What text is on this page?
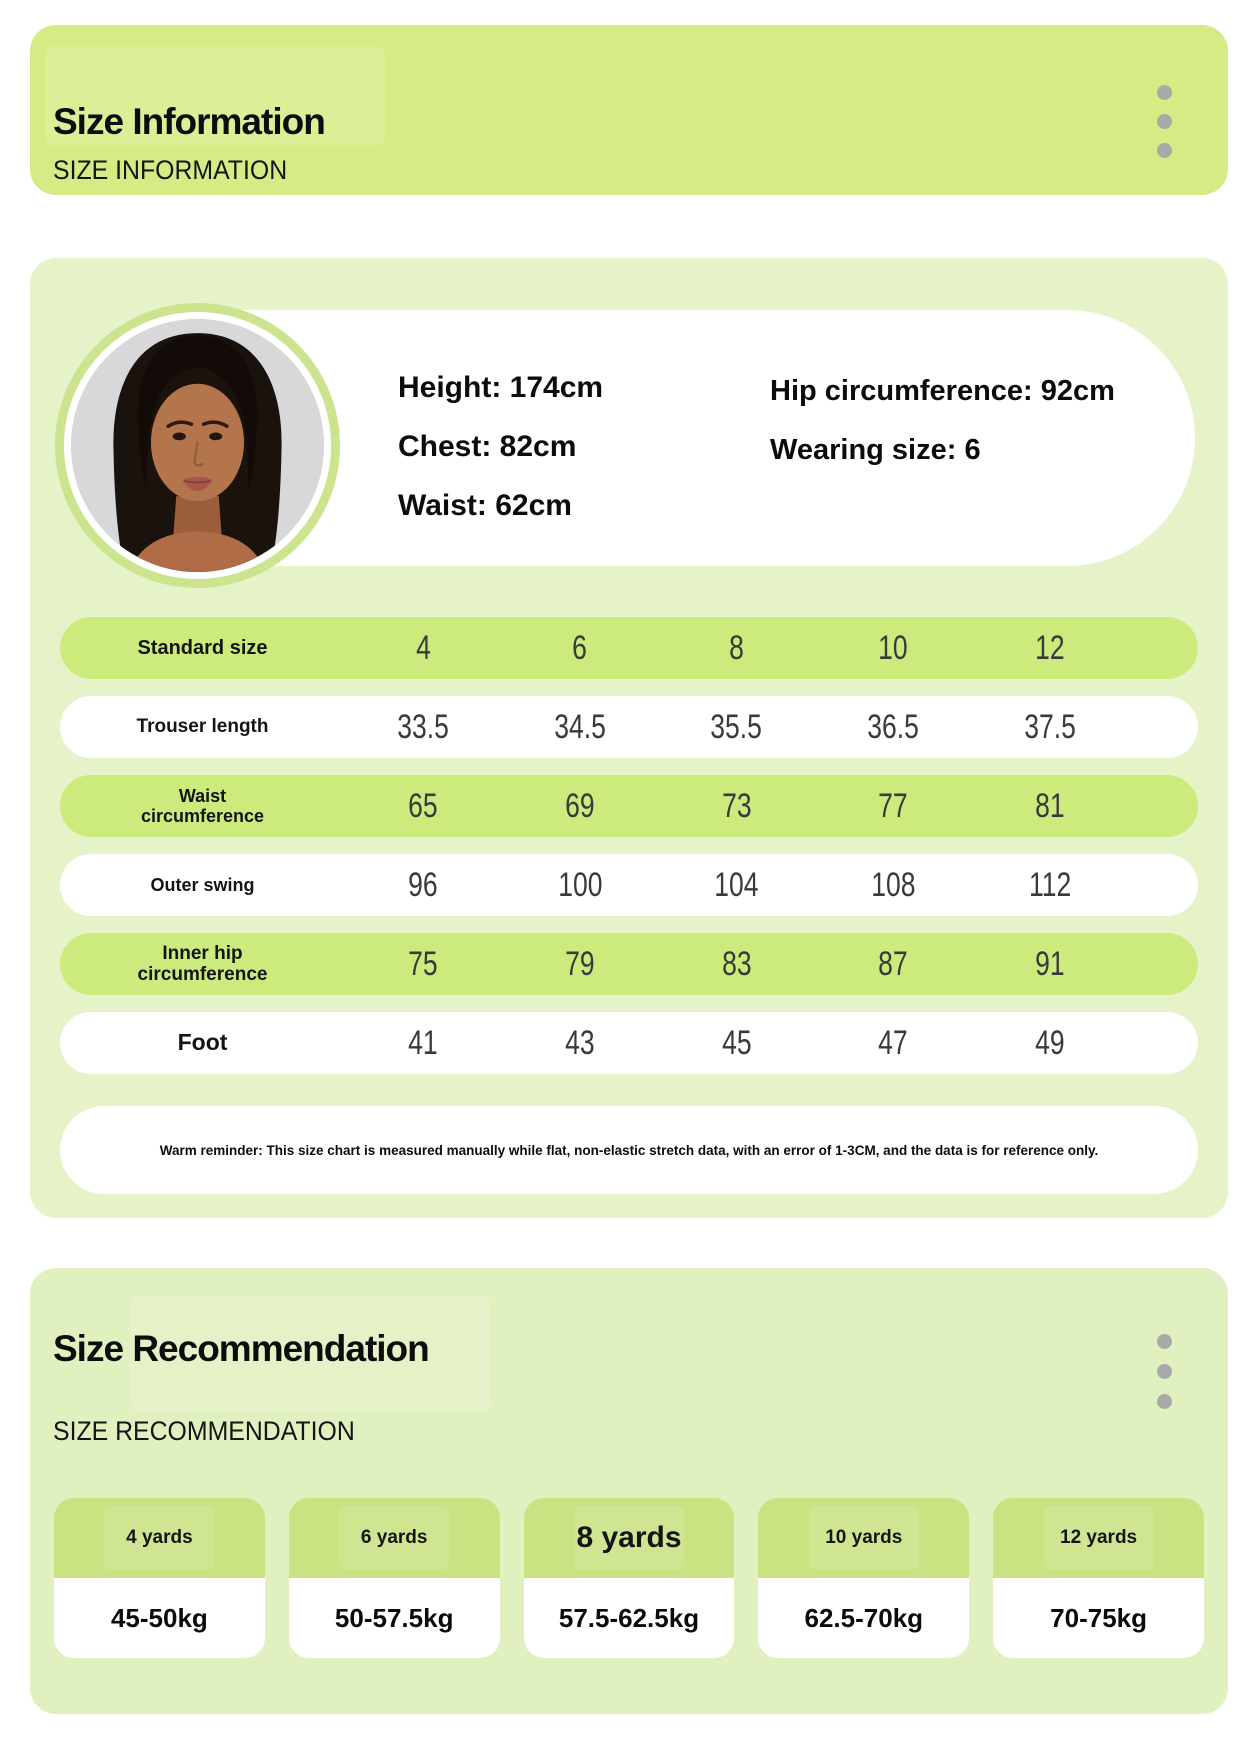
Size Information
SIZE INFORMATION
Height: 174cm
Chest: 82cm
Waist: 62cm
Hip circumference: 92cm
Wearing size: 6
Standard size	4	6	8	10	12
Trouser length	33.5	34.5	35.5	36.5	37.5
Waist circumference	65	69	73	77	81
Outer swing	96	100	104	108	112
Inner hip circumference	75	79	83	87	91
Foot	41	43	45	47	49
Warm reminder: This size chart is measured manually while flat, non-elastic stretch data, with an error of 1-3CM, and the data is for reference only.
Size Recommendation
SIZE RECOMMENDATION
4 yards
45-50kg
6 yards
50-57.5kg
8 yards
57.5-62.5kg
10 yards
62.5-70kg
12 yards
70-75kg
